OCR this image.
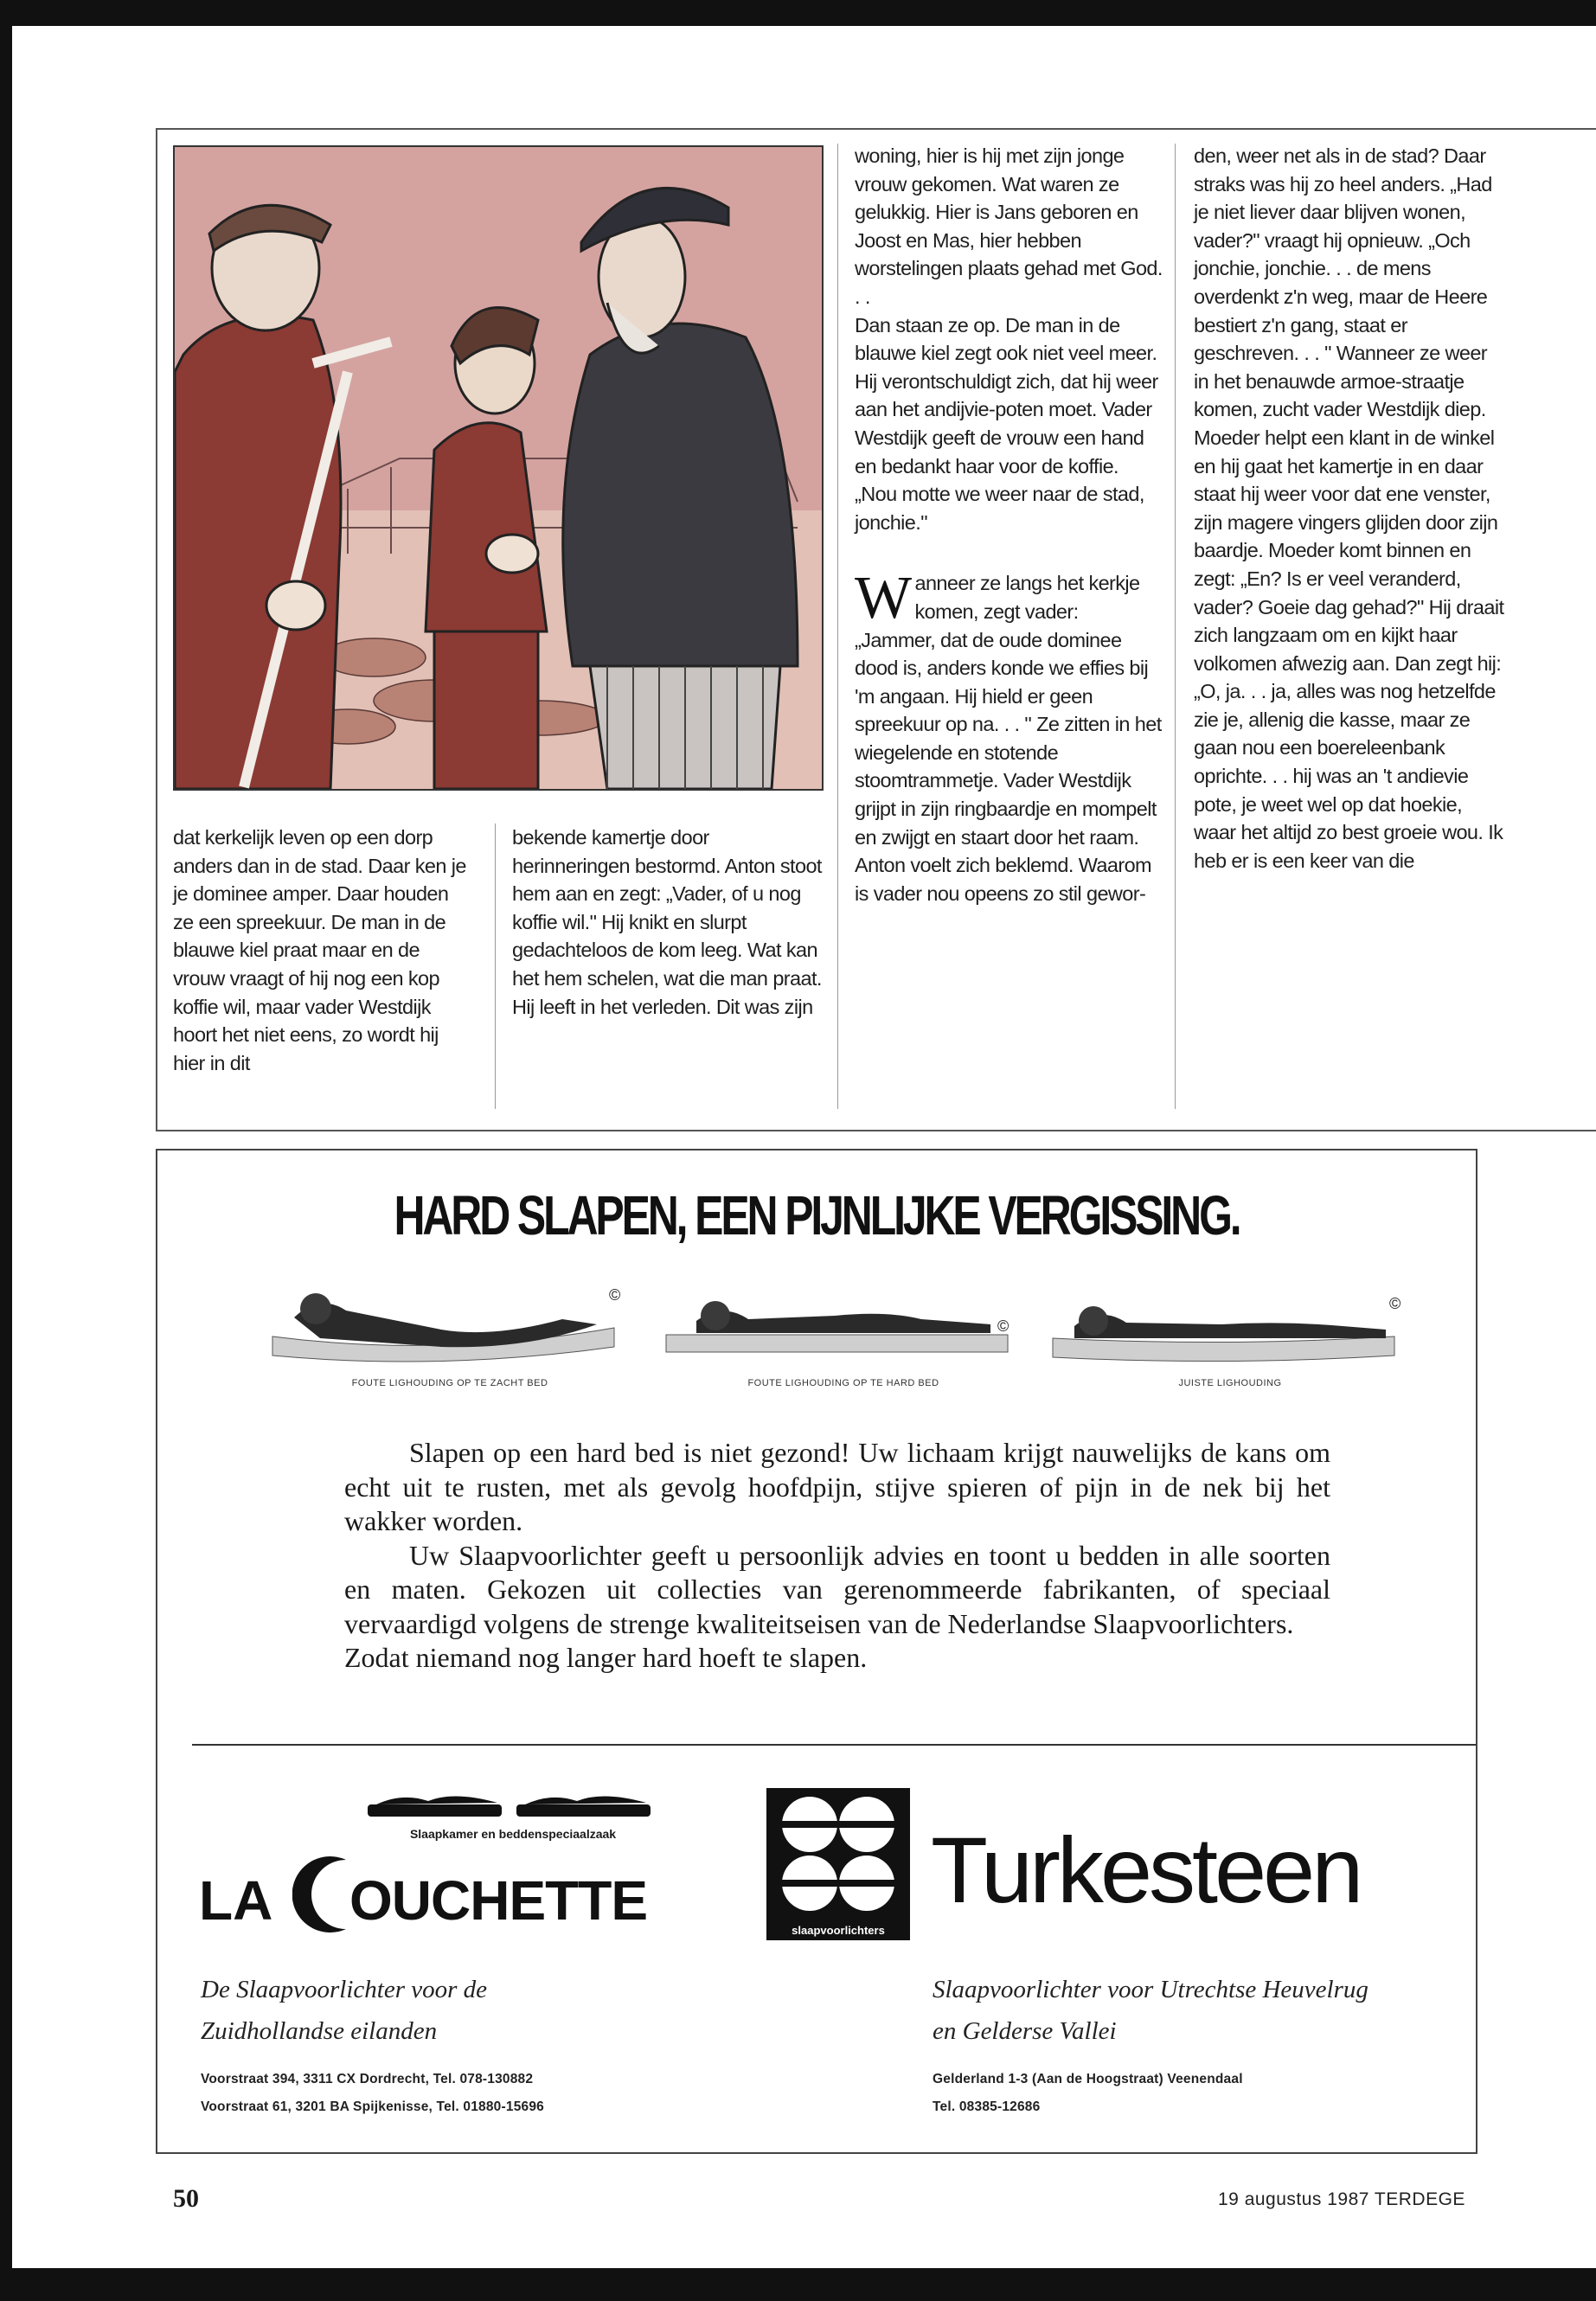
dat kerkelijk leven op een dorp anders dan in de stad. Daar ken je je dominee amper. Daar houden ze een spreekuur. De man in de blauwe kiel praat maar en de vrouw vraagt of hij nog een kop koffie wil, maar vader Westdijk hoort het niet eens, zo wordt hij hier in dit

bekende kamertje door herinneringen bestormd. Anton stoot hem aan en zegt: „Vader, of u nog koffie wil." Hij knikt en slurpt gedachteloos de kom leeg. Wat kan het hem schelen, wat die man praat. Hij leeft in het verleden. Dit was zijn

woning, hier is hij met zijn jonge vrouw gekomen. Wat waren ze gelukkig. Hier is Jans geboren en Joost en Mas, hier hebben worstelingen plaats gehad met God. . .

Dan staan ze op. De man in de blauwe kiel zegt ook niet veel meer. Hij verontschuldigt zich, dat hij weer aan het andijvie-poten moet. Vader Westdijk geeft de vrouw een hand en bedankt haar voor de koffie. „Nou motte we weer naar de stad, jonchie."

Wanneer ze langs het kerkje komen, zegt vader: „Jammer, dat de oude dominee dood is, anders konde we effies bij 'm angaan. Hij hield er geen spreekuur op na. . . " Ze zitten in het wiegelende en stotende stoomtrammetje. Vader Westdijk grijpt in zijn ringbaardje en mompelt en zwijgt en staart door het raam. Anton voelt zich beklemd. Waarom is vader nou opeens zo stil gewor-

den, weer net als in de stad? Daar straks was hij zo heel anders. „Had je niet liever daar blijven wonen, vader?" vraagt hij opnieuw. „Och jonchie, jonchie. . . de mens overdenkt z'n weg, maar de Heere bestiert z'n gang, staat er geschreven. . . " Wanneer ze weer in het benauwde armoe-straatje komen, zucht vader Westdijk diep. Moeder helpt een klant in de winkel en hij gaat het kamertje in en daar staat hij weer voor dat ene venster, zijn magere vingers glijden door zijn baardje. Moeder komt binnen en zegt: „En? Is er veel veranderd, vader? Goeie dag gehad?" Hij draait zich langzaam om en kijkt haar volkomen afwezig aan. Dan zegt hij: „O, ja. . . ja, alles was nog hetzelfde zie je, allenig die kasse, maar ze gaan nou een boereleenbank oprichte. . . hij was an 't andievie pote, je weet wel op dat hoekie, waar het altijd zo best groeie wou. Ik heb er is een keer van die

HARD SLAPEN, EEN PIJNLIJKE VERGISSING.
©
FOUTE LIGHOUDING OP TE ZACHT BED
©
FOUTE LIGHOUDING OP TE HARD BED
©
JUISTE LIGHOUDING

Slapen op een hard bed is niet gezond! Uw lichaam krijgt nauwelijks de kans om echt uit te rusten, met als gevolg hoofdpijn, stijve spieren of pijn in de nek bij het wakker worden.

Uw Slaapvoorlichter geeft u persoonlijk advies en toont u bedden in alle soorten en maten. Gekozen uit collecties van gerenommeerde fabrikanten, of speciaal vervaardigd volgens de strenge kwaliteitseisen van de Nederlandse Slaapvoorlichters.

Zodat niemand nog langer hard hoeft te slapen.

Slaapkamer en beddenspeciaalzaak
LA OUCHETTE	slaapvoorlichters
Turkesteen
De Slaapvoorlichter voor de
Zuidhollandse eilanden
Voorstraat 394, 3311 CX Dordrecht, Tel. 078-130882
Voorstraat 61, 3201 BA Spijkenisse, Tel. 01880-15696
Slaapvoorlichter voor Utrechtse Heuvelrug
en Gelderse Vallei
Gelderland 1-3 (Aan de Hoogstraat) Veenendaal
Tel. 08385-12686
50	19 augustus 1987 TERDEGE
